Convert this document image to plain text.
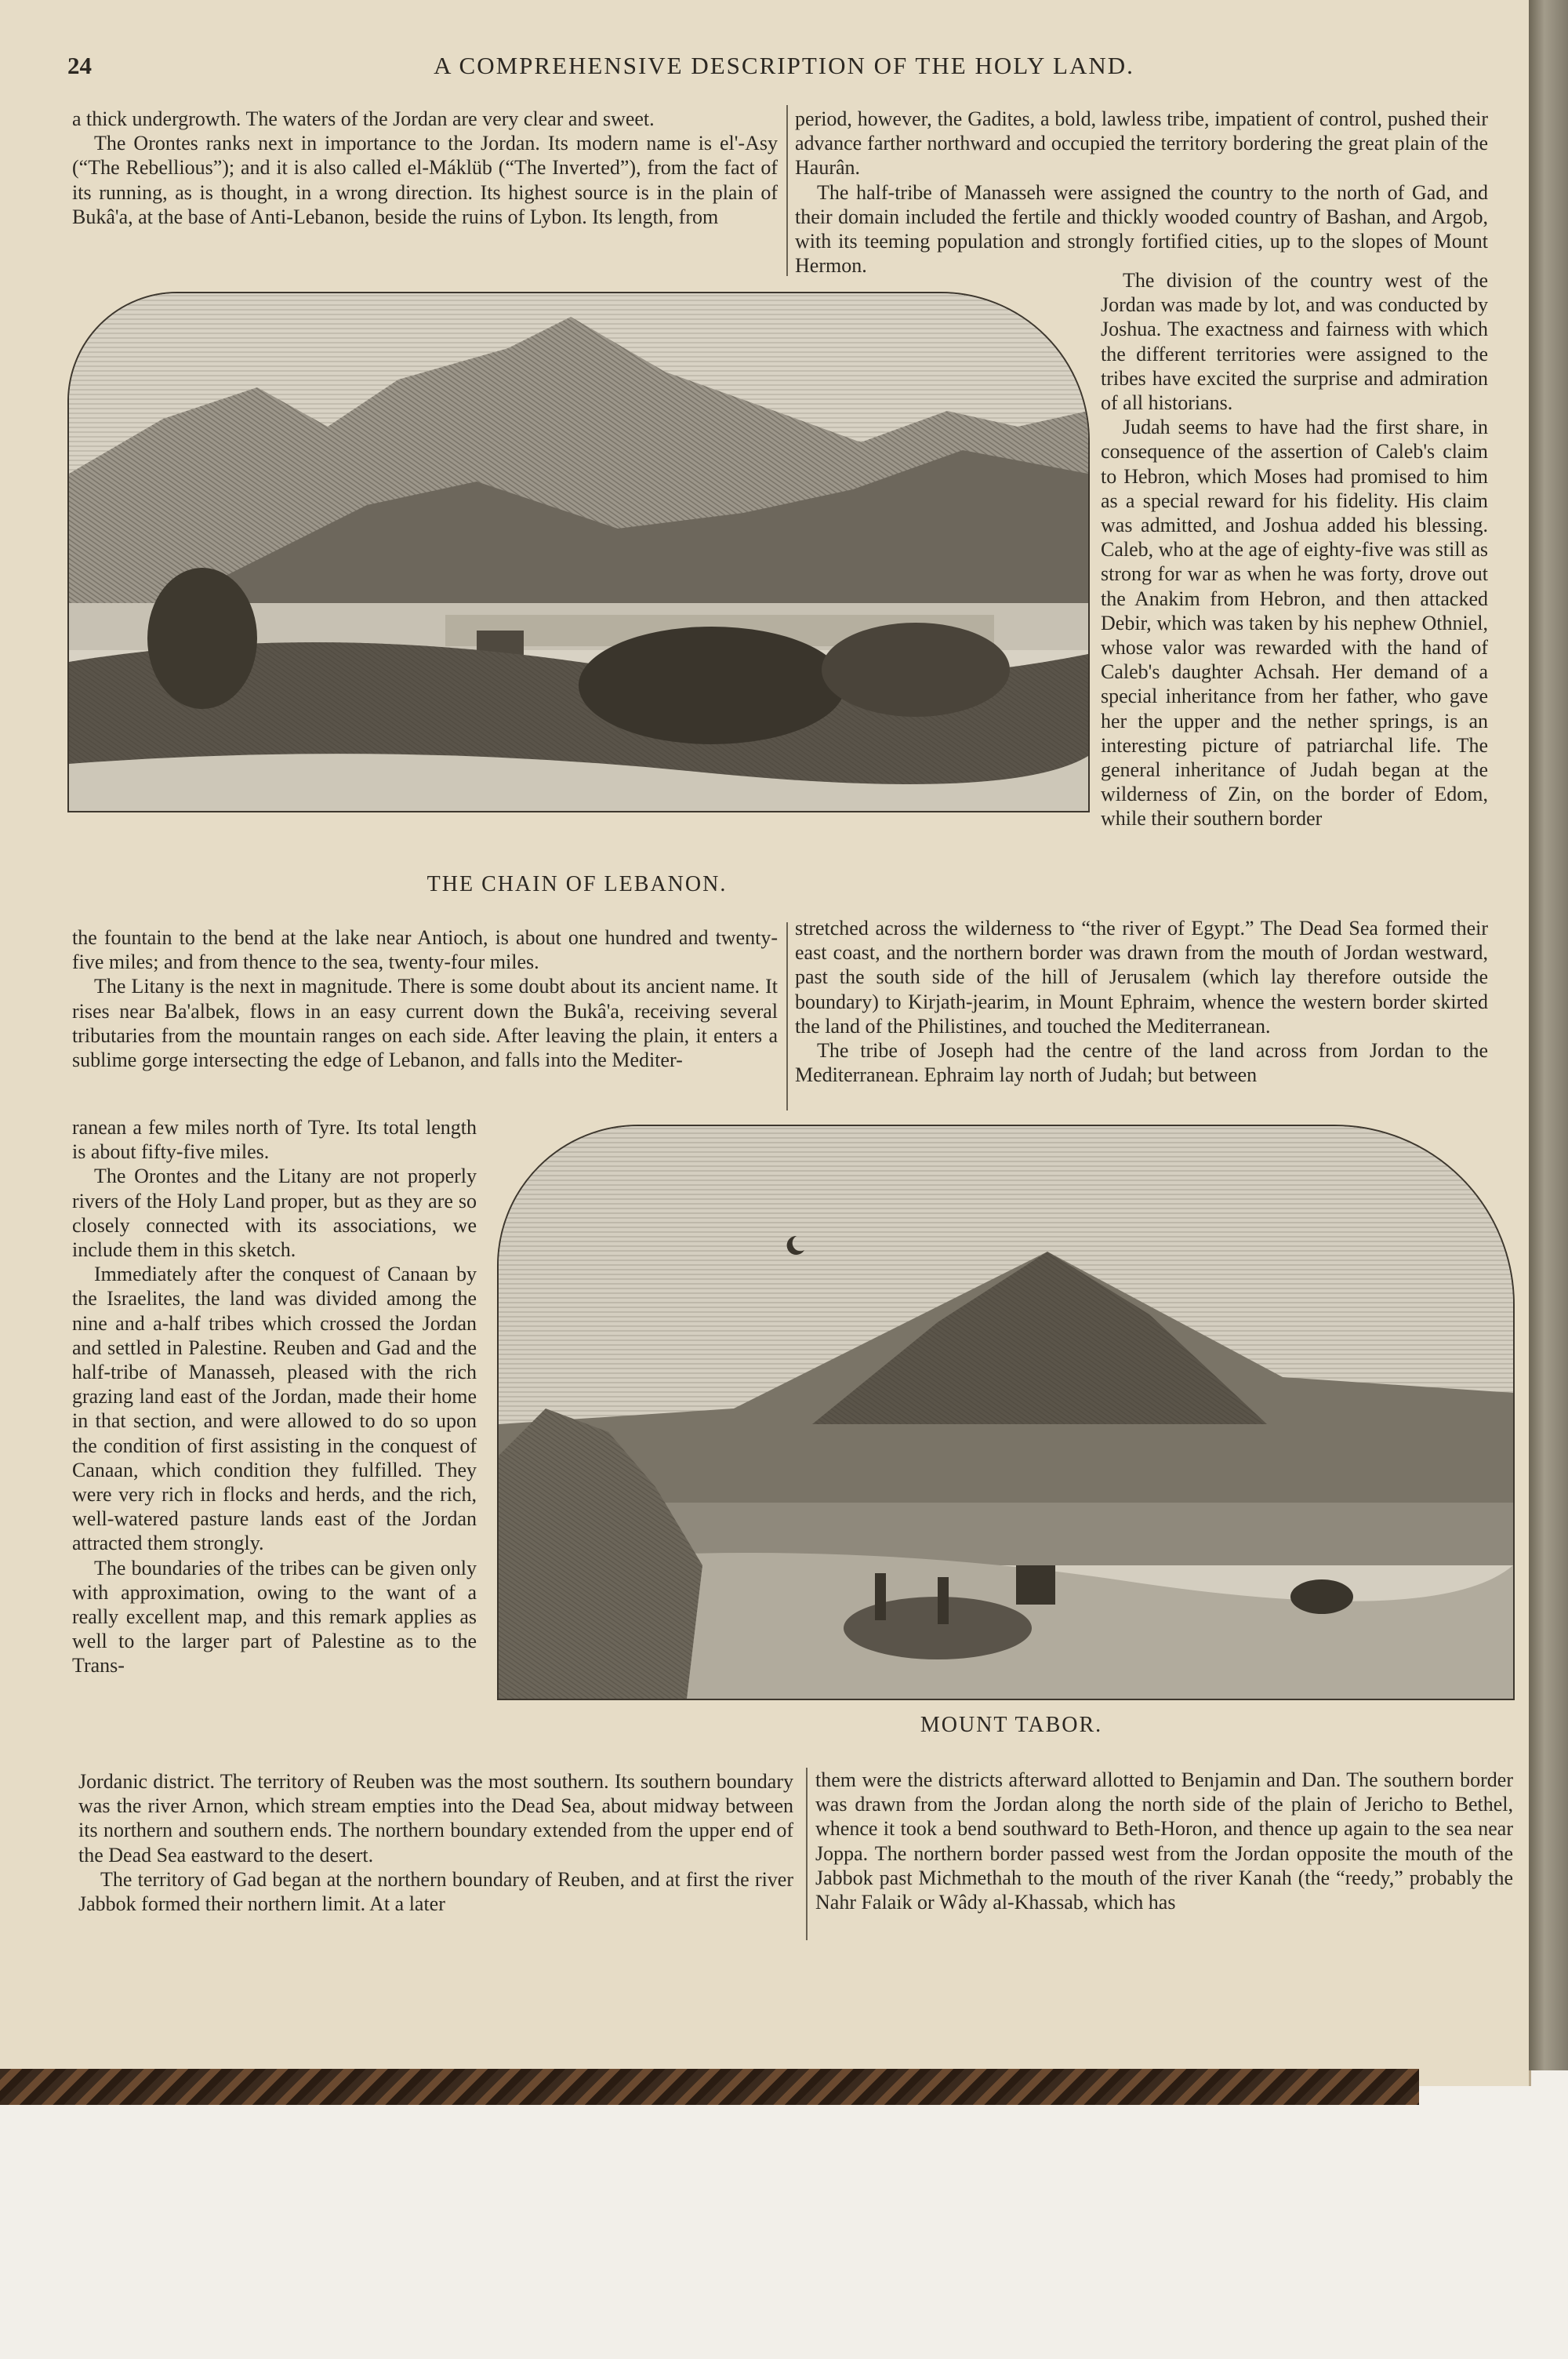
24	A COMPREHENSIVE DESCRIPTION OF THE HOLY LAND.

a thick undergrowth. The waters of the Jordan are very clear and sweet.

The Orontes ranks next in importance to the Jordan. Its modern name is el'-Asy (“The Rebellious”); and it is also called el-Máklüb (“The Inverted”), from the fact of its running, as is thought, in a wrong direction. Its highest source is in the plain of Bukâ'a, at the base of Anti-Lebanon, beside the ruins of Lybon. Its length, from

period, however, the Gadites, a bold, lawless tribe, impatient of control, pushed their advance farther northward and occupied the territory bordering the great plain of the Haurân.

The half-tribe of Manasseh were assigned the country to the north of Gad, and their domain included the fertile and thickly wooded country of Bashan, and Argob, with its teeming population and strongly fortified cities, up to the slopes of Mount Hermon.

THE CHAIN OF LEBANON.

The division of the country west of the Jordan was made by lot, and was conducted by Joshua. The exactness and fairness with which the different territories were assigned to the tribes have excited the surprise and admiration of all historians.

Judah seems to have had the first share, in consequence of the assertion of Caleb's claim to Hebron, which Moses had promised to him as a special reward for his fidelity. His claim was admitted, and Joshua added his blessing. Caleb, who at the age of eighty-five was still as strong for war as when he was forty, drove out the Anakim from Hebron, and then attacked Debir, which was taken by his nephew Othniel, whose valor was rewarded with the hand of Caleb's daughter Achsah. Her demand of a special inheritance from her father, who gave her the upper and the nether springs, is an interesting picture of patriarchal life. The general inheritance of Judah began at the wilderness of Zin, on the border of Edom, while their southern border

the fountain to the bend at the lake near Antioch, is about one hundred and twenty-five miles; and from thence to the sea, twenty-four miles.

The Litany is the next in magnitude. There is some doubt about its ancient name. It rises near Ba'albek, flows in an easy current down the Bukâ'a, receiving several tributaries from the mountain ranges on each side. After leaving the plain, it enters a sublime gorge intersecting the edge of Lebanon, and falls into the Mediter-

stretched across the wilderness to “the river of Egypt.” The Dead Sea formed their east coast, and the northern border was drawn from the mouth of Jordan westward, past the south side of the hill of Jerusalem (which lay therefore outside the boundary) to Kirjath-jearim, in Mount Ephraim, whence the western border skirted the land of the Philistines, and touched the Mediterranean.

The tribe of Joseph had the centre of the land across from Jordan to the Mediterranean. Ephraim lay north of Judah; but between

MOUNT TABOR.

ranean a few miles north of Tyre. Its total length is about fifty-five miles.

The Orontes and the Litany are not properly rivers of the Holy Land proper, but as they are so closely connected with its associations, we include them in this sketch.

Immediately after the conquest of Canaan by the Israelites, the land was divided among the nine and a-half tribes which crossed the Jordan and settled in Palestine. Reuben and Gad and the half-tribe of Manasseh, pleased with the rich grazing land east of the Jordan, made their home in that section, and were allowed to do so upon the condition of first assisting in the conquest of Canaan, which condition they fulfilled. They were very rich in flocks and herds, and the rich, well-watered pasture lands east of the Jordan attracted them strongly.

The boundaries of the tribes can be given only with approximation, owing to the want of a really excellent map, and this remark applies as well to the larger part of Palestine as to the Trans-

Jordanic district. The territory of Reuben was the most southern. Its southern boundary was the river Arnon, which stream empties into the Dead Sea, about midway between its northern and southern ends. The northern boundary extended from the upper end of the Dead Sea eastward to the desert.

The territory of Gad began at the northern boundary of Reuben, and at first the river Jabbok formed their northern limit. At a later

them were the districts afterward allotted to Benjamin and Dan. The southern border was drawn from the Jordan along the north side of the plain of Jericho to Bethel, whence it took a bend southward to Beth-Horon, and thence up again to the sea near Joppa. The northern border passed west from the Jordan opposite the mouth of the Jabbok past Michmethah to the mouth of the river Kanah (the “reedy,” probably the Nahr Falaik or Wâdy al-Khassab, which has
